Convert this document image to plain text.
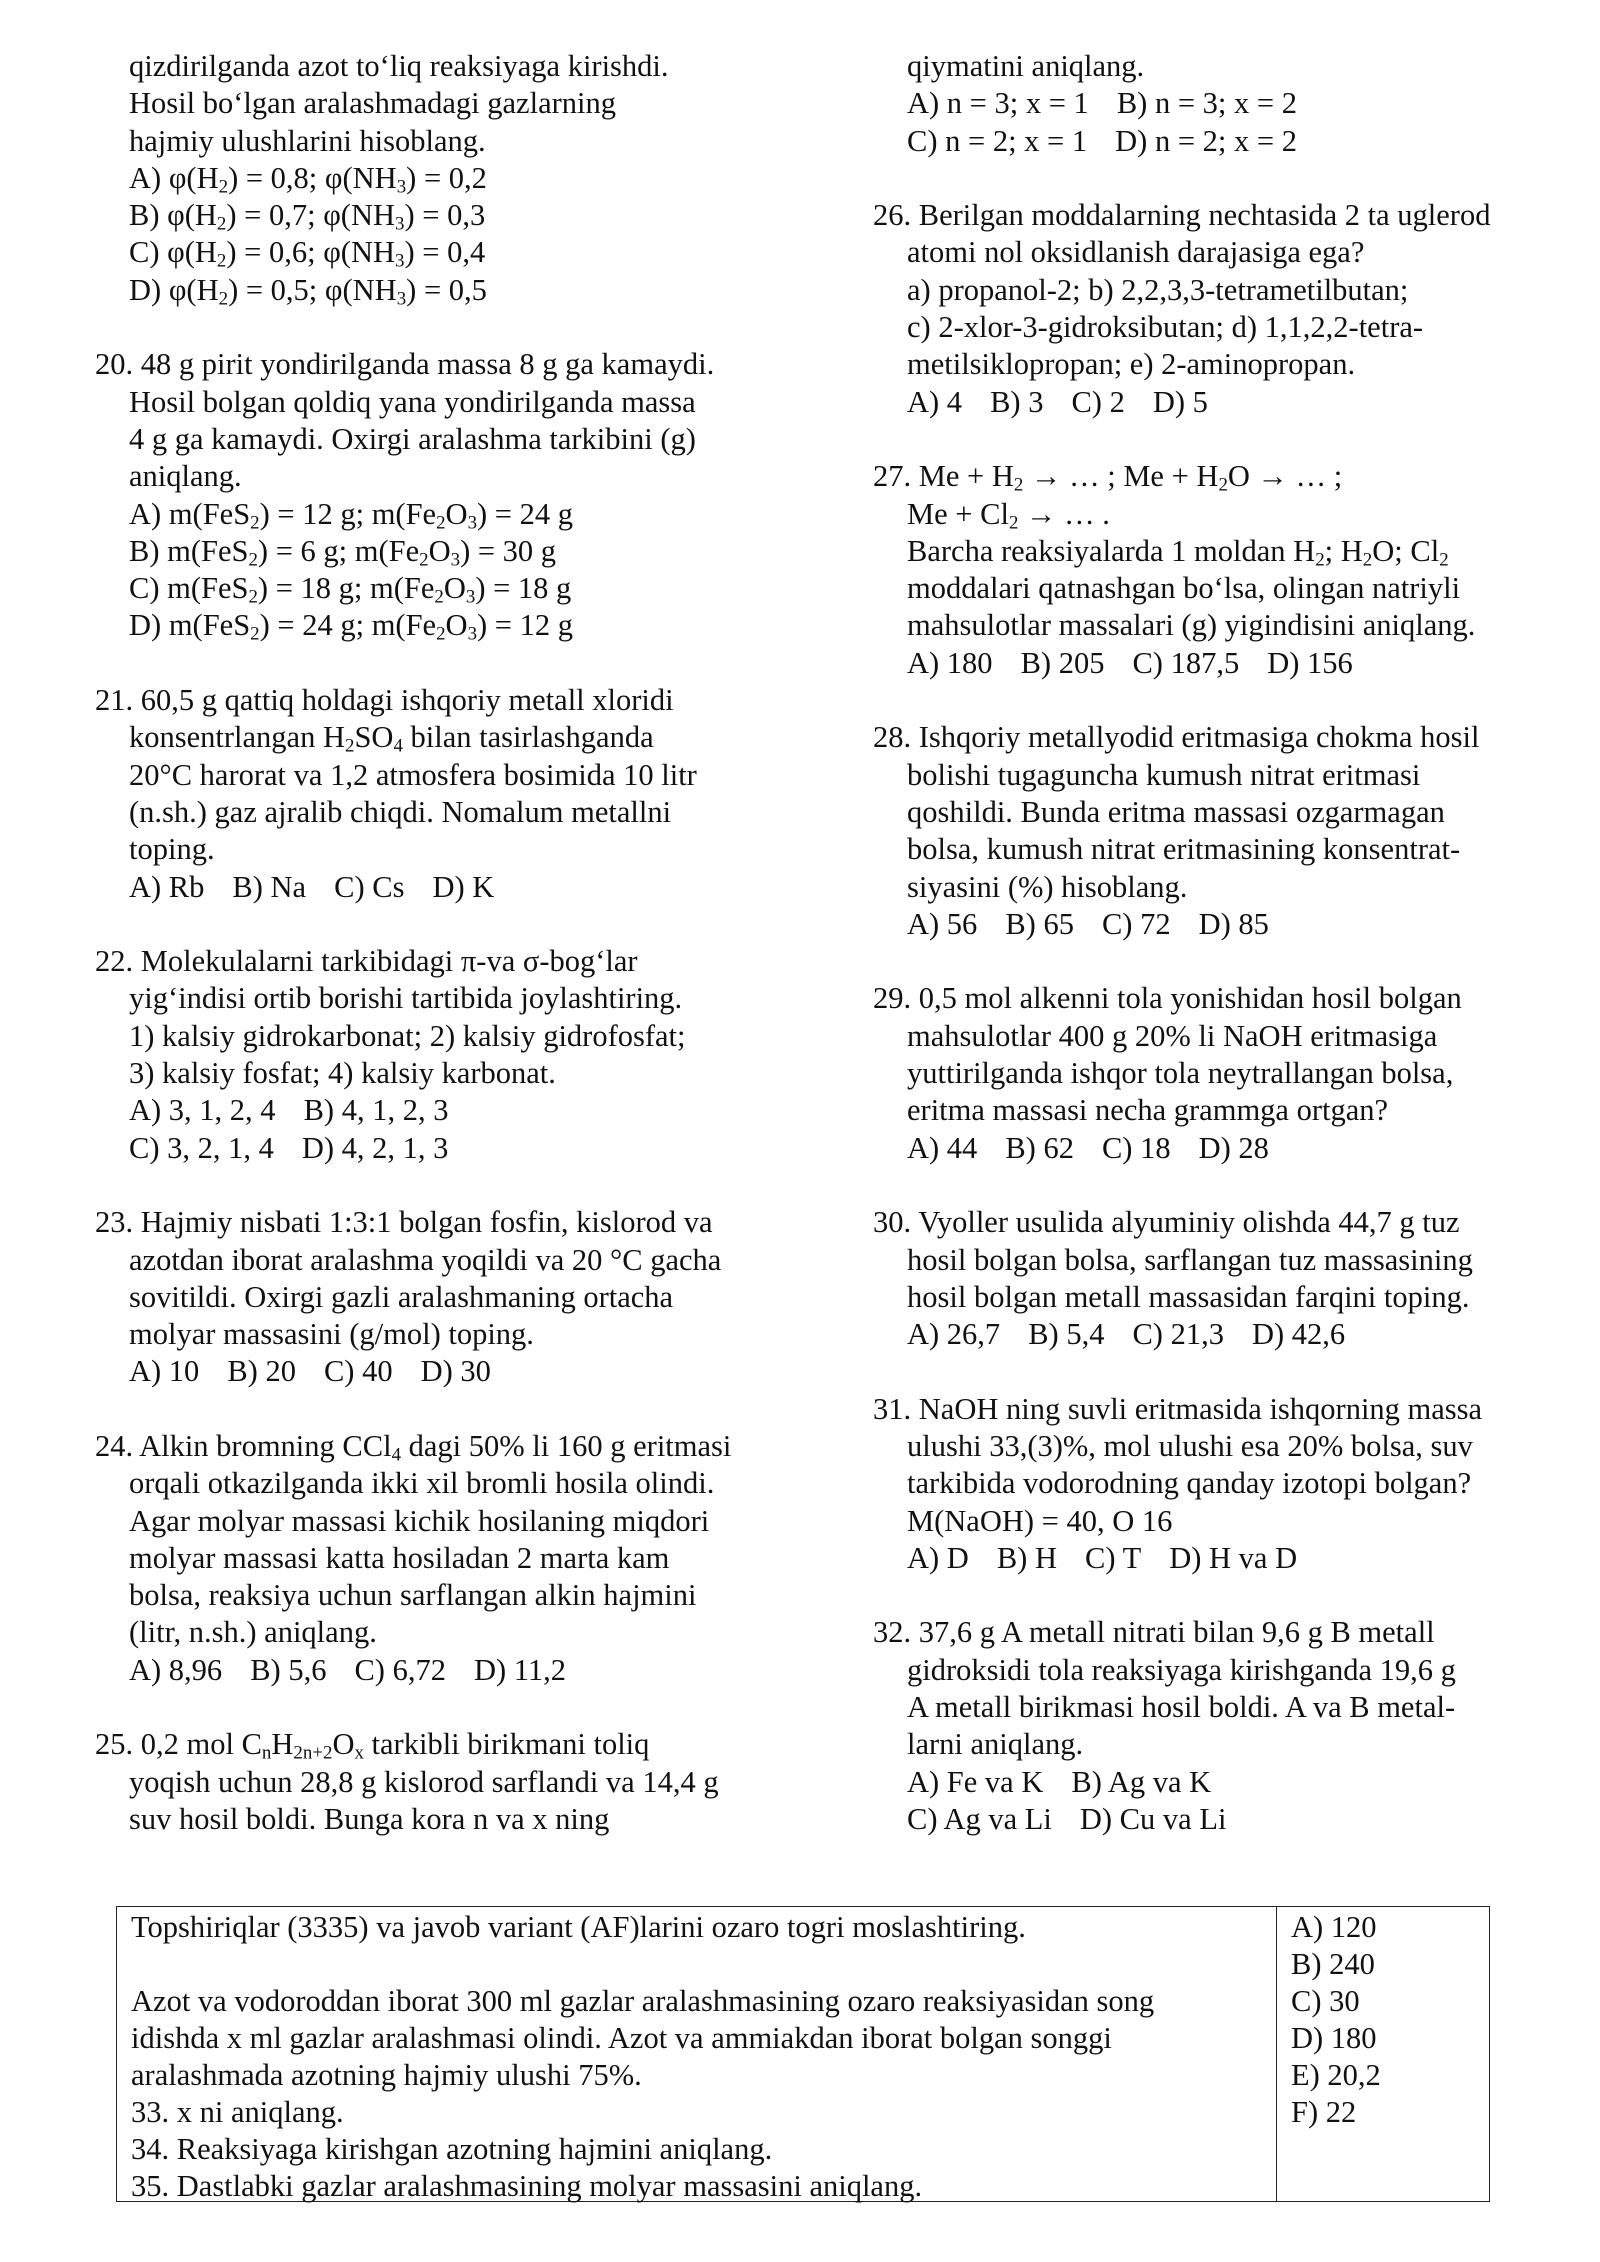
qizdirilganda azot to‘liq reaksiyaga kirishdi.
Hosil bo‘lgan aralashmadagi gazlarning
hajmiy ulushlarini hisoblang.
A) $\varphi(H_2) = 0,8$; $\varphi(NH_3) = 0,2$
B) $\varphi(H_2) = 0,7$; $\varphi(NH_3) = 0,3$
C) $\varphi(H_2) = 0,6$; $\varphi(NH_3) = 0,4$
D) $\varphi(H_2) = 0,5$; $\varphi(NH_3) = 0,5$
20. 48 g pirit yondirilganda massa 8 g ga kamaydi.
Hosil bolgan qoldiq yana yondirilganda massa
4 g ga kamaydi. Oxirgi aralashma tarkibini (g)
aniqlang.
A) m(FeS$_2$) = 12 g; $m(Fe_2O_3) = 24$ g
B) m(FeS$_2$) = 6 g; $m(Fe_2O_3) = 30$ g
C) m(FeS$_2$) = 18 g; $m(Fe_2O_3) = 18$ g
D) m(FeS$_2$) = 24 g; $m(Fe_2O_3) = 12$ g
21. 60,5 g qattiq holdagi ishqoriy metall xloridi
konsentrlangan $H_2SO_4$ bilan tasirlashganda
20°C harorat va 1,2 atmosfera bosimida 10 litr
(n.sh.) gaz ajralib chiqdi. Nomalum metallni
toping.
A) Rb B) Na C) Cs D) K
22. Molekulalarni tarkibidagi π-va σ-bog‘lar
yig‘indisi ortib borishi tartibida joylashtiring.
1) kalsiy gidrokarbonat; 2) kalsiy gidrofosfat;
3) kalsiy fosfat; 4) kalsiy karbonat.
A) 3, 1, 2, 4 B) 4, 1, 2, 3
C) 3, 2, 1, 4 D) 4, 2, 1, 3
23. Hajmiy nisbati 1:3:1 bolgan fosfin, kislorod va
azotdan iborat aralashma yoqildi va 20 °C gacha
sovitildi. Oxirgi gazli aralashmaning ortacha
molyar massasini (g/mol) toping.
A) 10 B) 20 C) 40 D) 30
24. Alkin bromning CCl$_4$ dagi 50% li 160 g eritmasi
orqali otkazilganda ikki xil bromli hosila olindi.
Agar molyar massasi kichik hosilaning miqdori
molyar massasi katta hosiladan 2 marta kam
bolsa, reaksiya uchun sarflangan alkin hajmini
(litr, n.sh.) aniqlang.
A) 8,96 B) 5,6 C) 6,72 D) 11,2
25. 0,2 mol $C_nH_{2n+2}O_x$ tarkibli birikmani toliq
yoqish uchun 28,8 g kislorod sarflandi va 14,4 g
suv hosil boldi. Bunga kora n va x ning
qiymatini aniqlang.
A) n = 3; x = 1 B) n = 3; x = 2
C) n = 2; x = 1 D) n = 2; x = 2
26. Berilgan moddalarning nechtasida 2 ta uglerod
atomi nol oksidlanish darajasiga ega?
a) propanol-2; b) 2,2,3,3-tetrametilbutan;
c) 2-xlor-3-gidroksibutan; d) 1,1,2,2-tetra-
metilsiklopropan; e) 2-aminopropan.
A) 4 B) 3 C) 2 D) 5
27. $Me + H_2$ → … ; $Me + H_2O$ → … ;
$Me + Cl_2$ → … .
Barcha reaksiyalarda 1 moldan $H_2$; $H_2O$; $Cl_2$
moddalari qatnashgan bo‘lsa, olingan natriyli
mahsulotlar massalari (g) yigindisini aniqlang.
A) 180 B) 205 C) 187,5 D) 156
28. Ishqoriy metallyodid eritmasiga chokma hosil
bolishi tugaguncha kumush nitrat eritmasi
qoshildi. Bunda eritma massasi ozgarmagan
bolsa, kumush nitrat eritmasining konsentrat-
siyasini (%) hisoblang.
A) 56 B) 65 C) 72 D) 85
29. 0,5 mol alkenni tola yonishidan hosil bolgan
mahsulotlar 400 g 20% li NaOH eritmasiga
yuttirilganda ishqor tola neytrallangan bolsa,
eritma massasi necha grammga ortgan?
A) 44 B) 62 C) 18 D) 28
30. Vyoller usulida alyuminiy olishda 44,7 g tuz
hosil bolgan bolsa, sarflangan tuz massasining
hosil bolgan metall massasidan farqini toping.
A) 26,7 B) 5,4 C) 21,3 D) 42,6
31. NaOH ning suvli eritmasida ishqorning massa
ulushi 33,(3)%, mol ulushi esa 20% bolsa, suv
tarkibida vodorodning qanday izotopi bolgan?
M(NaOH) = 40, O 16
A) D B) H C) T D) H va D
32. 37,6 g A metall nitrati bilan 9,6 g B metall
gidroksidi tola reaksiyaga kirishganda 19,6 g
A metall birikmasi hosil boldi. A va B metal-
larni aniqlang.
A) Fe va K B) Ag va K
C) Ag va Li D) Cu va Li
Topshiriqlar (3335) va javob variant (AF)larini ozaro togri moslashtiring.
Azot va vodoroddan iborat 300 ml gazlar aralashmasining ozaro reaksiyasidan song
idishda x ml gazlar aralashmasi olindi. Azot va ammiakdan iborat bolgan songgi
aralashmada azotning hajmiy ulushi 75%.
33. x ni aniqlang.
34. Reaksiyaga kirishgan azotning hajmini aniqlang.
35. Dastlabki gazlar aralashmasining molyar massasini aniqlang.
A) 120
B) 240
C) 30
D) 180
E) 20,2
F) 22
